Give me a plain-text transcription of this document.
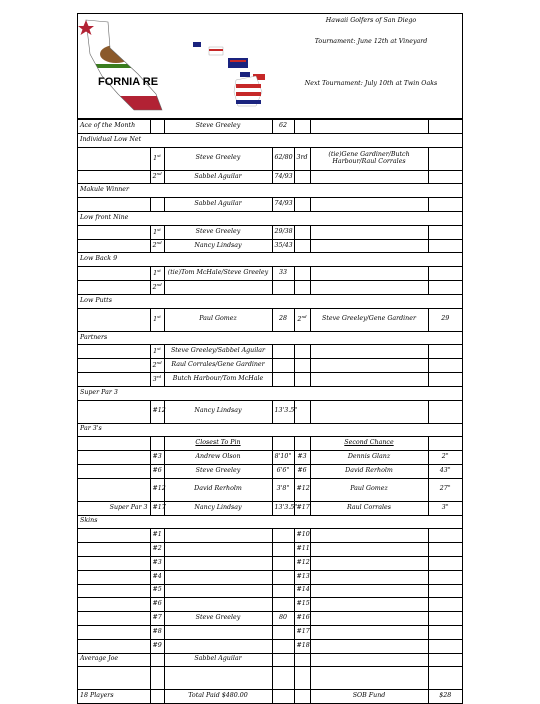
FORNIA RE
Hawaii Golfers of San Diego
Tournament: June 12th at Vineyard
Next Tournament: July 10th at Twin Oaks
Ace of the Month		Steve Greeley	62			
Individual Low Net						
	1st	Steve Greeley	62/80	3rd	(tie)Gene Gardiner/Butch Harbour/Raul Corrales	
	2nd	Sabbel Aguilar	74/93			
Makule Winner						
		Sabbel Aguilar	74/93			
Low front Nine						
	1st	Steve Greeley	29/38			
	2nd	Nancy Lindsay	35/43			
Low Back 9						
	1st	(tie)Tom McHale/Steve Greeley	33			
	2nd					
Low Putts						
	1st	Paul Gomez	28	2nd	Steve Greeley/Gene Gardiner	29
Partners						
	1st	Steve Greeley/Sabbel Aguilar				
	2nd	Raul Corrales/Gene Gardiner				
	3rd	Butch Harbour/Tom McHale				
Super Par 3						
	#12	Nancy Lindsay	13'3.5"			
Par 3's						
		Closest To Pin			Second Chance	
	#3	Andrew Olson	8'10"	#3	Dennis Glanz	2"
	#6	Steve Greeley	6'6"	#6	David Rerholm	43"
	#12	David Rerholm	3'8"	#12	Paul Gomez	27"
Super Par 3	#17	Nancy Lindsay	13'3.5"	#17	Raul Corrales	3"
Skins						
	#1			#10		
	#2			#11		
	#3			#12		
	#4			#13		
	#5			#14		
	#6			#15		
	#7	Steve Greeley	80	#16		
	#8			#17		
	#9			#18		
Average Joe		Sabbel Aguilar				

18 Players		Total Paid $480.00			SOB Fund	$28
